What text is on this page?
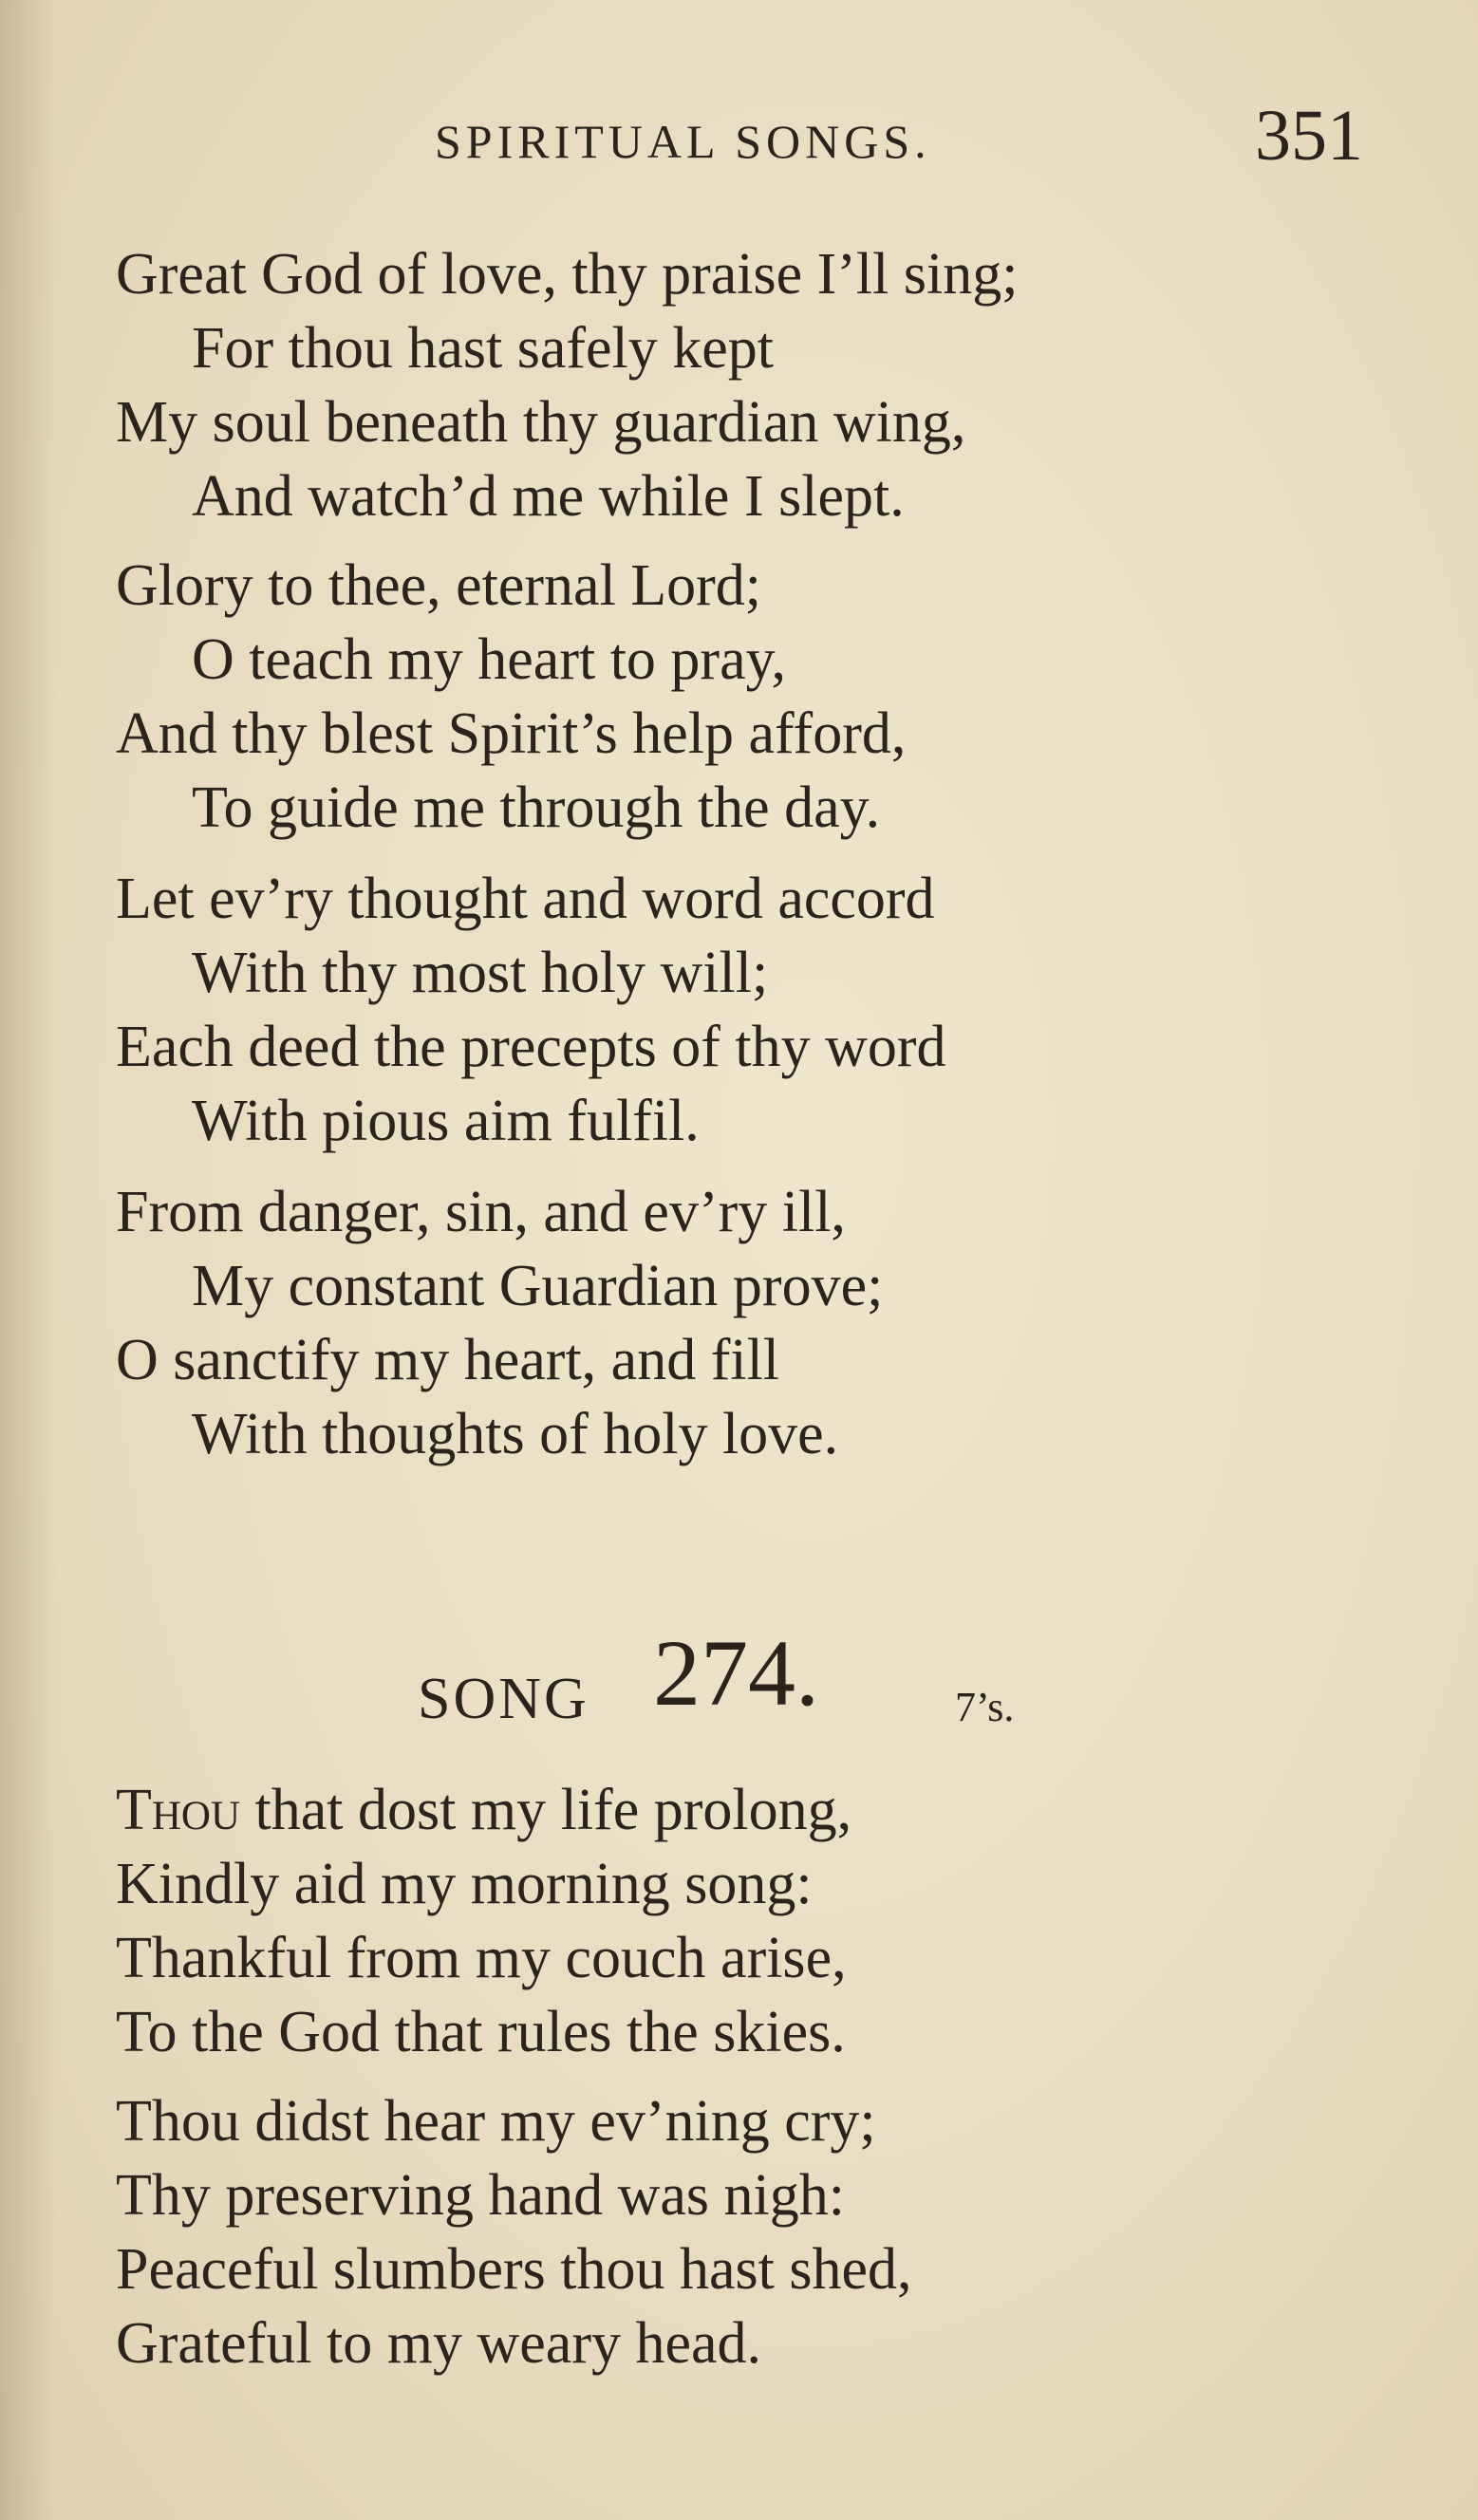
SPIRITUAL SONGS.	351
Great God of love, thy praise I’ll sing;
For thou hast safely kept
My soul beneath thy guardian wing,
And watch’d me while I slept.
Glory to thee, eternal Lord;
O teach my heart to pray,
And thy blest Spirit’s help afford,
To guide me through the day.
Let ev’ry thought and word accord
With thy most holy will;
Each deed the precepts of thy word
With pious aim fulfil.
From danger, sin, and ev’ry ill,
My constant Guardian prove;
O sanctify my heart, and fill
With thoughts of holy love.
SONG 274.	7’s.
Thou that dost my life prolong,
Kindly aid my morning song:
Thankful from my couch arise,
To the God that rules the skies.
Thou didst hear my ev’ning cry;
Thy preserving hand was nigh:
Peaceful slumbers thou hast shed,
Grateful to my weary head.
